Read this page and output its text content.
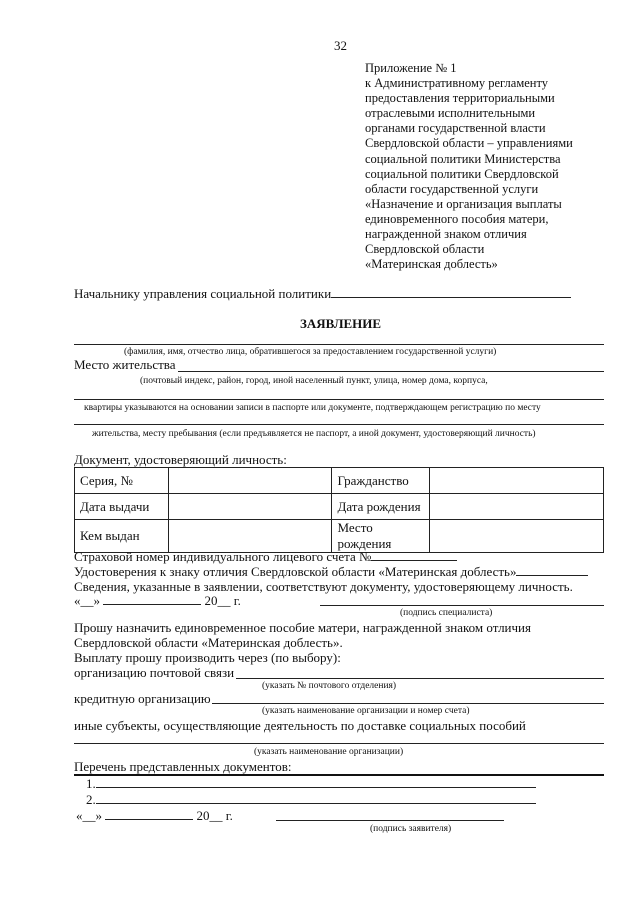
32
Приложение № 1
к Административному регламенту
предоставления территориальными
отраслевыми исполнительными
органами государственной власти
Свердловской области – управлениями
социальной политики Министерства
социальной политики Свердловской
области государственной услуги
«Назначение и организация выплаты
единовременного пособия матери,
награжденной знаком отличия
Свердловской области
«Материнская доблесть»
Начальнику управления социальной политики
ЗАЯВЛЕНИЕ
(фамилия, имя, отчество лица, обратившегося за предоставлением государственной услуги)
Место жительства
(почтовый индекс, район, город, иной населенный пункт, улица, номер дома, корпуса,
квартиры указываются на основании записи в паспорте или документе, подтверждающем регистрацию по месту
жительства, месту пребывания (если предъявляется не паспорт, а иной документ, удостоверяющий личность)
Документ, удостоверяющий личность:
Серия, №		Гражданство	
Дата выдачи		Дата рождения	
Кем выдан		Место рождения	
Страховой номер индивидуального лицевого счета №
Удостоверения к знаку отличия Свердловской области «Материнская доблесть»
Сведения, указанные в заявлении, соответствуют документу, удостоверяющему личность.
«__»	20__ г.
(подпись специалиста)
Прошу назначить единовременное пособие матери, награжденной знаком отличия
Свердловской области «Материнская доблесть».
Выплату прошу производить через (по выбору):
организацию почтовой связи
(указать № почтового отделения)
кредитную организацию
(указать наименование организации и номер счета)
иные субъекты, осуществляющие деятельность по доставке социальных пособий
(указать наименование организации)
Перечень представленных документов:
1.
2.
«__»	20__ г.
(подпись заявителя)
